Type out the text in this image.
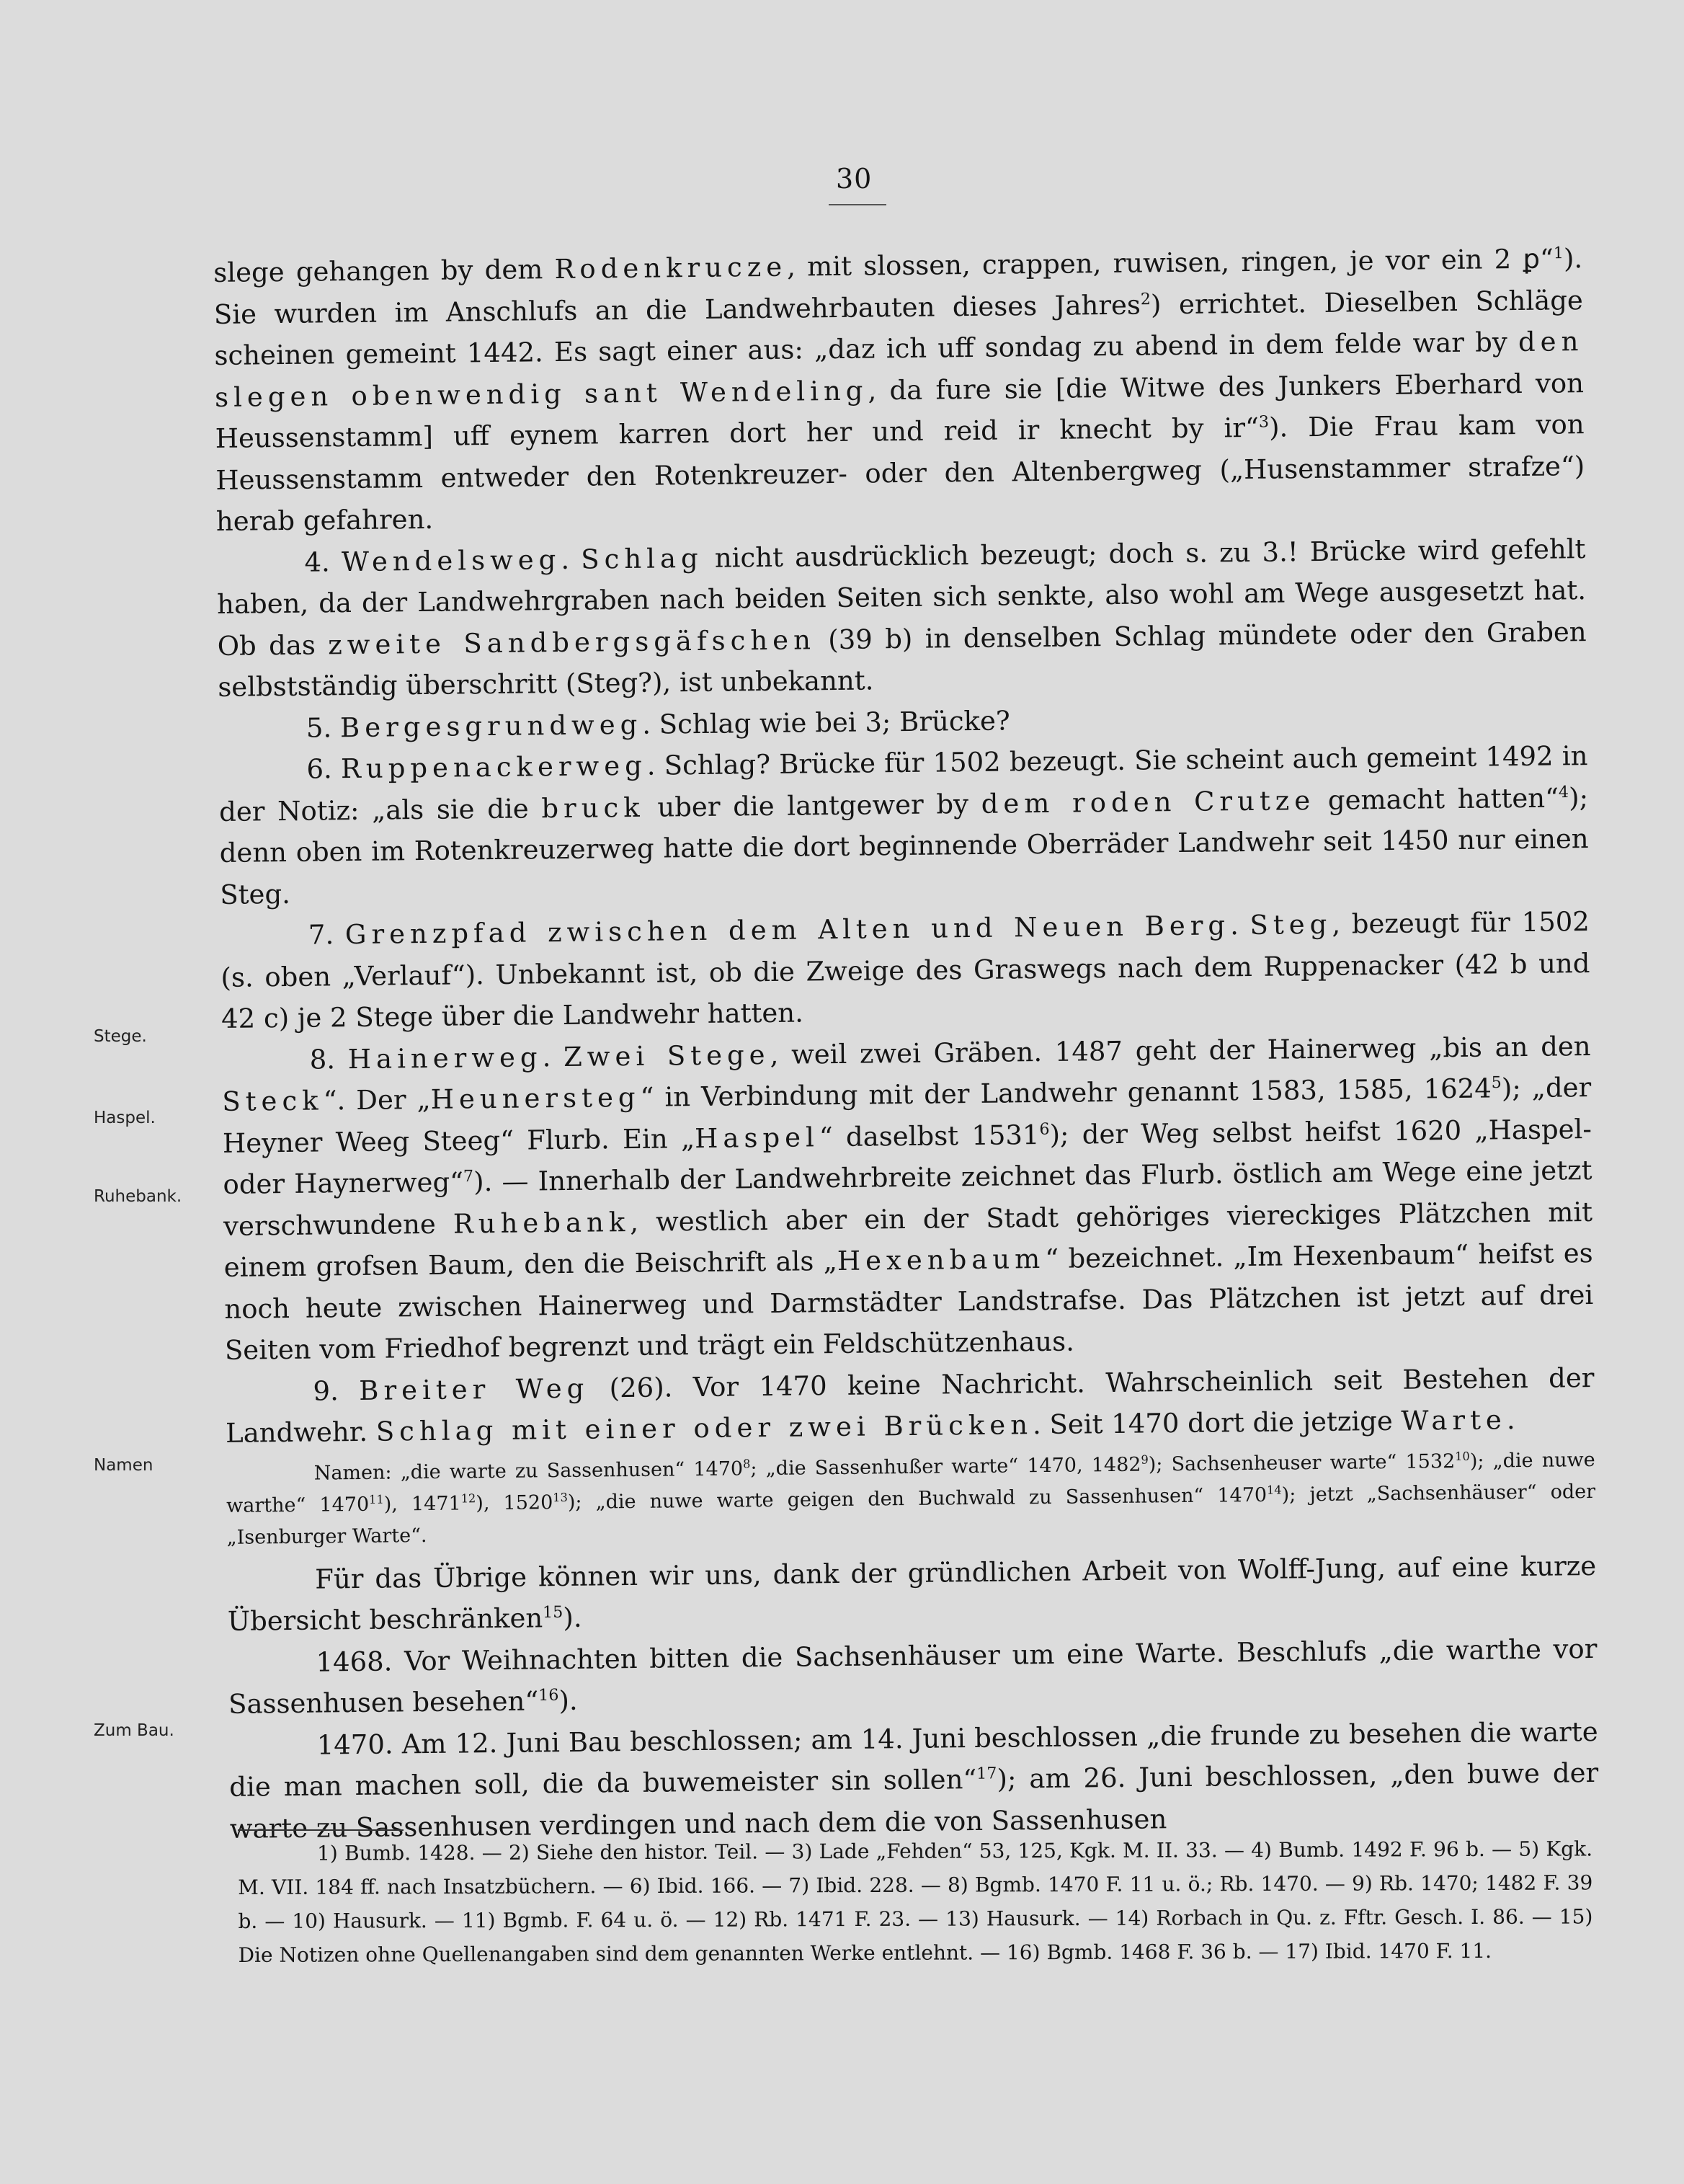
30
Stege.
Haspel.
Ruhebank.
Namen
Zum Bau.

slege gehangen by dem Rodenkrucze, mit slossen, crappen, ruwisen, ringen, je vor ein 2 ꝑ“$^1$). Sie wurden im Anschlufs an die Landwehrbauten dieses Jahres$^2$) errichtet. Dieselben Schläge scheinen gemeint 1442. Es sagt einer aus: „daz ich uff sondag zu abend in dem felde war by den slegen obenwendig sant Wendeling, da fure sie [die Witwe des Junkers Eberhard von Heussenstamm] uff eynem karren dort her und reid ir knecht by ir“$^3$). Die Frau kam von Heussenstamm entweder den Rotenkreuzer- oder den Altenbergweg („Husenstammer strafze“) herab gefahren.

4. Wendelsweg. Schlag nicht ausdrücklich bezeugt; doch s. zu 3.! Brücke wird gefehlt haben, da der Landwehrgraben nach beiden Seiten sich senkte, also wohl am Wege ausgesetzt hat. Ob das zweite Sandbergsgäfschen (39 b) in denselben Schlag mündete oder den Graben selbstständig überschritt (Steg?), ist unbekannt.

5. Bergesgrundweg. Schlag wie bei 3; Brücke?

6. Ruppenackerweg. Schlag? Brücke für 1502 bezeugt. Sie scheint auch gemeint 1492 in der Notiz: „als sie die bruck uber die lantgewer by dem roden Crutze gemacht hatten“$^4$); denn oben im Rotenkreuzerweg hatte die dort beginnende Oberräder Landwehr seit 1450 nur einen Steg.

7. Grenzpfad zwischen dem Alten und Neuen Berg. Steg, bezeugt für 1502 (s. oben „Verlauf“). Unbekannt ist, ob die Zweige des Graswegs nach dem Ruppenacker (42 b und 42 c) je 2 Stege über die Landwehr hatten.

8. Hainerweg. Zwei Stege, weil zwei Gräben. 1487 geht der Hainerweg „bis an den Steck“. Der „Heunersteg“ in Verbindung mit der Landwehr genannt 1583, 1585, 1624$^5$); „der Heyner Weeg Steeg“ Flurb. Ein „Haspel“ daselbst 1531$^6$); der Weg selbst heifst 1620 „Haspel- oder Haynerweg“$^7$). — Innerhalb der Landwehrbreite zeichnet das Flurb. östlich am Wege eine jetzt verschwundene Ruhebank, westlich aber ein der Stadt gehöriges viereckiges Plätzchen mit einem grofsen Baum, den die Beischrift als „Hexenbaum“ bezeichnet. „Im Hexenbaum“ heifst es noch heute zwischen Hainerweg und Darmstädter Landstrafse. Das Plätzchen ist jetzt auf drei Seiten vom Friedhof begrenzt und trägt ein Feldschützenhaus.

9. Breiter Weg (26). Vor 1470 keine Nachricht. Wahrscheinlich seit Bestehen der Landwehr. Schlag mit einer oder zwei Brücken. Seit 1470 dort die jetzige Warte.

Namen: „die warte zu Sassenhusen“ 1470$^8$; „die Sassenhußer warte“ 1470, 1482$^9$); Sachsenheuser warte“ 1532$^{10}$); „die nuwe warthe“ 1470$^{11}$), 1471$^{12}$), 1520$^{13}$); „die nuwe warte geigen den Buchwald zu Sassenhusen“ 1470$^{14}$); jetzt „Sachsenhäuser“ oder „Isenburger Warte“.

Für das Übrige können wir uns, dank der gründlichen Arbeit von Wolff-Jung, auf eine kurze Übersicht beschränken$^{15}$).

1468. Vor Weihnachten bitten die Sachsenhäuser um eine Warte. Beschlufs „die warthe vor Sassenhusen besehen“$^{16}$).

1470. Am 12. Juni Bau beschlossen; am 14. Juni beschlossen „die frunde zu besehen die warte die man machen soll, die da buwemeister sin sollen“$^{17}$); am 26. Juni beschlossen, „den buwe der warte zu Sassenhusen verdingen und nach dem die von Sassenhusen

1) Bumb. 1428. — 2) Siehe den histor. Teil. — 3) Lade „Fehden“ 53, 125, Kgk. M. II. 33. — 4) Bumb. 1492 F. 96 b. — 5) Kgk. M. VII. 184 ff. nach Insatzbüchern. — 6) Ibid. 166. — 7) Ibid. 228. — 8) Bgmb. 1470 F. 11 u. ö.; Rb. 1470. — 9) Rb. 1470; 1482 F. 39 b. — 10) Hausurk. — 11) Bgmb. F. 64 u. ö. — 12) Rb. 1471 F. 23. — 13) Hausurk. — 14) Rorbach in Qu. z. Fftr. Gesch. I. 86. — 15) Die Notizen ohne Quellenangaben sind dem genannten Werke entlehnt. — 16) Bgmb. 1468 F. 36 b. — 17) Ibid. 1470 F. 11.
